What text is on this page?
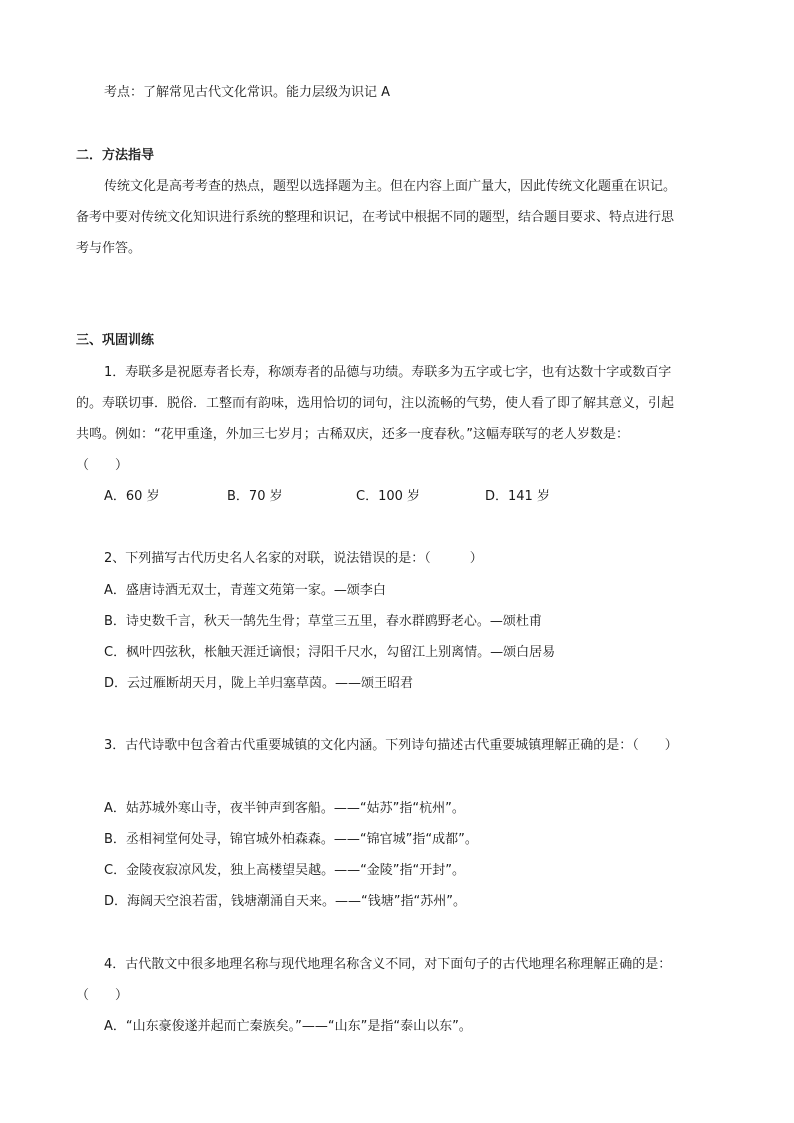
考点：了解常见古代文化常识。能力层级为识记 A
二．方法指导
传统文化是高考考查的热点，题型以选择题为主。但在内容上面广量大，因此传统文化题重在识记。
备考中要对传统文化知识进行系统的整理和识记，在考试中根据不同的题型，结合题目要求、特点进行思
考与作答。
三、巩固训练
1．寿联多是祝愿寿者长寿，称颂寿者的品德与功绩。寿联多为五字或七字，也有达数十字或数百字
的。寿联切事．脱俗．工整而有韵味，选用恰切的词句，注以流畅的气势，使人看了即了解其意义，引起
共鸣。例如：“花甲重逢，外加三七岁月；古稀双庆，还多一度春秋。”这幅寿联写的老人岁数是：
（　　）
A．60 岁	B．70 岁	C．100 岁	D．141 岁
2、下列描写古代历史名人名家的对联，说法错误的是：（　　　）
A．盛唐诗酒无双士，青莲文苑第一家。—颂李白
B．诗史数千言，秋天一鹄先生骨；草堂三五里，春水群鸥野老心。—颂杜甫
C．枫叶四弦秋，枨触天涯迁谪恨；浔阳千尺水，勾留江上别离情。—颂白居易
D．云过雁断胡天月，陇上羊归塞草茵。——颂王昭君
3．古代诗歌中包含着古代重要城镇的文化内涵。下列诗句描述古代重要城镇理解正确的是：（　　）
A．姑苏城外寒山寺，夜半钟声到客船。——“姑苏”指“杭州”。
B．丞相祠堂何处寻，锦官城外柏森森。——“锦官城”指“成都”。
C．金陵夜寂凉风发，独上高楼望吴越。——“金陵”指“开封”。
D．海阔天空浪若雷，钱塘潮涌自天来。——“钱塘”指“苏州”。
4．古代散文中很多地理名称与现代地理名称含义不同，对下面句子的古代地理名称理解正确的是：
（　　）
A．“山东豪俊遂并起而亡秦族矣。”——“山东”是指“泰山以东”。
